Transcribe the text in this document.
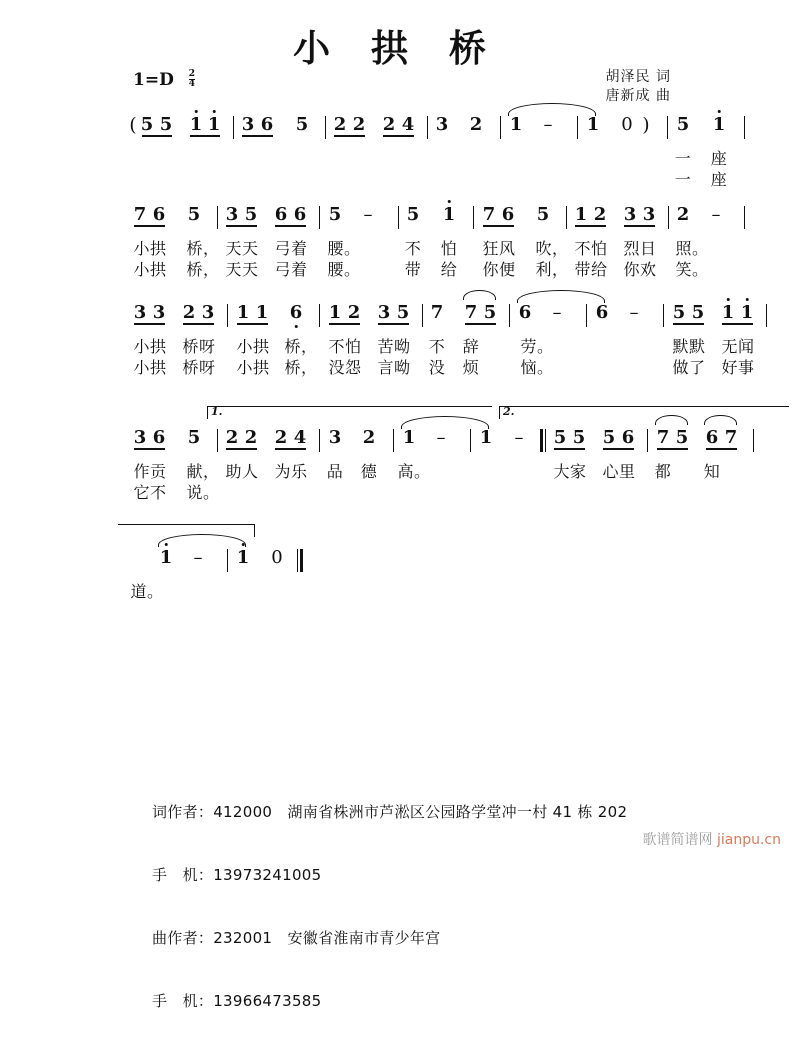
小 拱 桥
$1=D \frac{2}{4}$	胡泽民 词
唐新成 曲
( 5 5 1 1 3 6 5 2 2 2 4 3 2 1 – 1 0 ) 5 1
一 座
一 座
7 6 5 3 5 6 6 5 – 5 1 7 6 5 1 2 3 3 2 –
小拱 桥， 天天 弓着 腰。	不 怕 狂风 吹， 不怕 烈日 照。
小拱 桥， 天天 弓着 腰。	带 给 你便 利， 带给 你欢 笑。
3 3 2 3 1 1 6 1 2 3 5 7 7 5 6 – 6 – 5 5 1 1
小拱 桥呀 小拱 桥， 不怕 苦呦 不 辞	劳。	默默 无闻
小拱 桥呀 小拱 桥， 没怨 言呦 没 烦	恼。	做了 好事
1.	2.
3 6 5 2 2 2 4 3 2 1 – 1 – 5 5 5 6 7 5 6 7
作贡 献， 助人 为乐 品 德 高。	大家 心里 都 知
它不 说。
1 – 1 0
道。

词作者：412000   湖南省株洲市芦淞区公园路学堂冲一村 41 栋 202

手　机：13973241005

曲作者：232001   安徽省淮南市青少年宫

手　机：13966473585

歌谱简谱网 jianpu.cn
